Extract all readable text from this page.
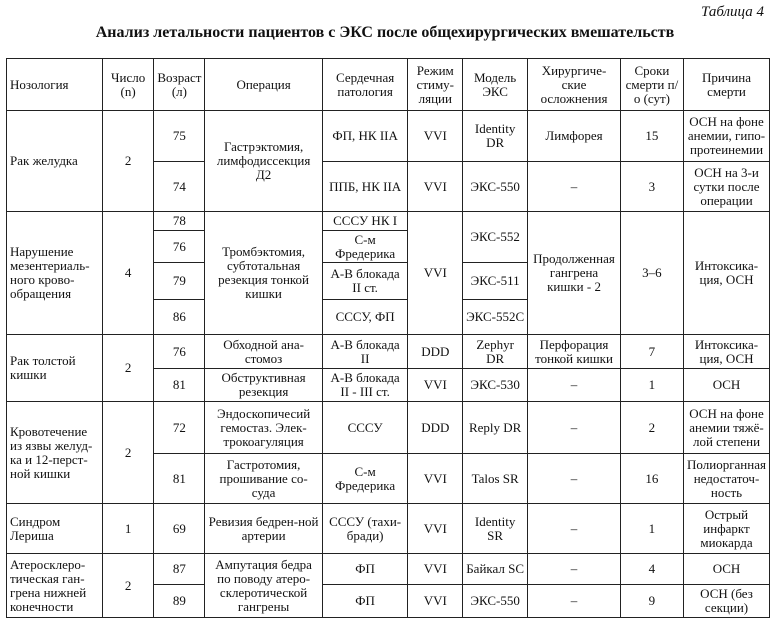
Таблица 4
Анализ летальности пациентов с ЭКС после общехирургических вмешательств
Нозология	Число (n)	Возраст (л)	Операция	Сердечная патология	Режим стиму-ляции	Модель ЭКС	Хирургиче-ские осложнения	Сроки смерти п/о (сут)	Причина смерти
Рак желудка	2	75	Гастрэктомия, лимфодиссекция Д2	ФП, НК IIA	VVI	Identity DR	Лимфорея	15	ОСН на фоне анемии, гипо-протеинемии
		74		ППБ, НК IIA	VVI	ЭКС-550	–	3	ОСН на 3-и сутки после операции
Нарушение мезентериаль-ного крово-обращения	4	78	Тромбэктомия, субтотальная резекция тонкой кишки	СССУ НК I	VVI	ЭКС-552	Продолженная гангрена кишки - 2	3–6	Интоксика-ция, ОСН
		76		С-м Фредерика					
		79		А-В блокада II ст.		ЭКС-511			
		86		СССУ, ФП		ЭКС-552С			
Рак толстой кишки	2	76	Обходной ана-стомоз	А-В блокада II	DDD	Zephyr DR	Перфорация тонкой кишки	7	Интоксика-ция, ОСН
		81	Обструктивная резекция	А-В блокада II - III ст.	VVI	ЭКС-530	–	1	ОСН
Кровотечение из язвы желуд-ка и 12-перст-ной кишки	2	72	Эндоскопичесий гемостаз. Элек-трокоагуляция	СССУ	DDD	Reply DR	–	2	ОСН на фоне анемии тяжё-лой степени
		81	Гастротомия, прошивание со-суда	С-м Фредерика	VVI	Talos SR	–	16	Полиорганная недостаточ-ность
Синдром Лериша	1	69	Ревизия бедрен-ной артерии	СССУ (тахи-бради)	VVI	Identity SR	–	1	Острый инфаркт миокарда
Атеросклеро-тическая ган-грена нижней конечности	2	87	Ампутация бедра по поводу атеро-склеротической гангрены	ФП	VVI	Байкал SC	–	4	ОСН
		89		ФП	VVI	ЭКС-550	–	9	ОСН (без секции)
